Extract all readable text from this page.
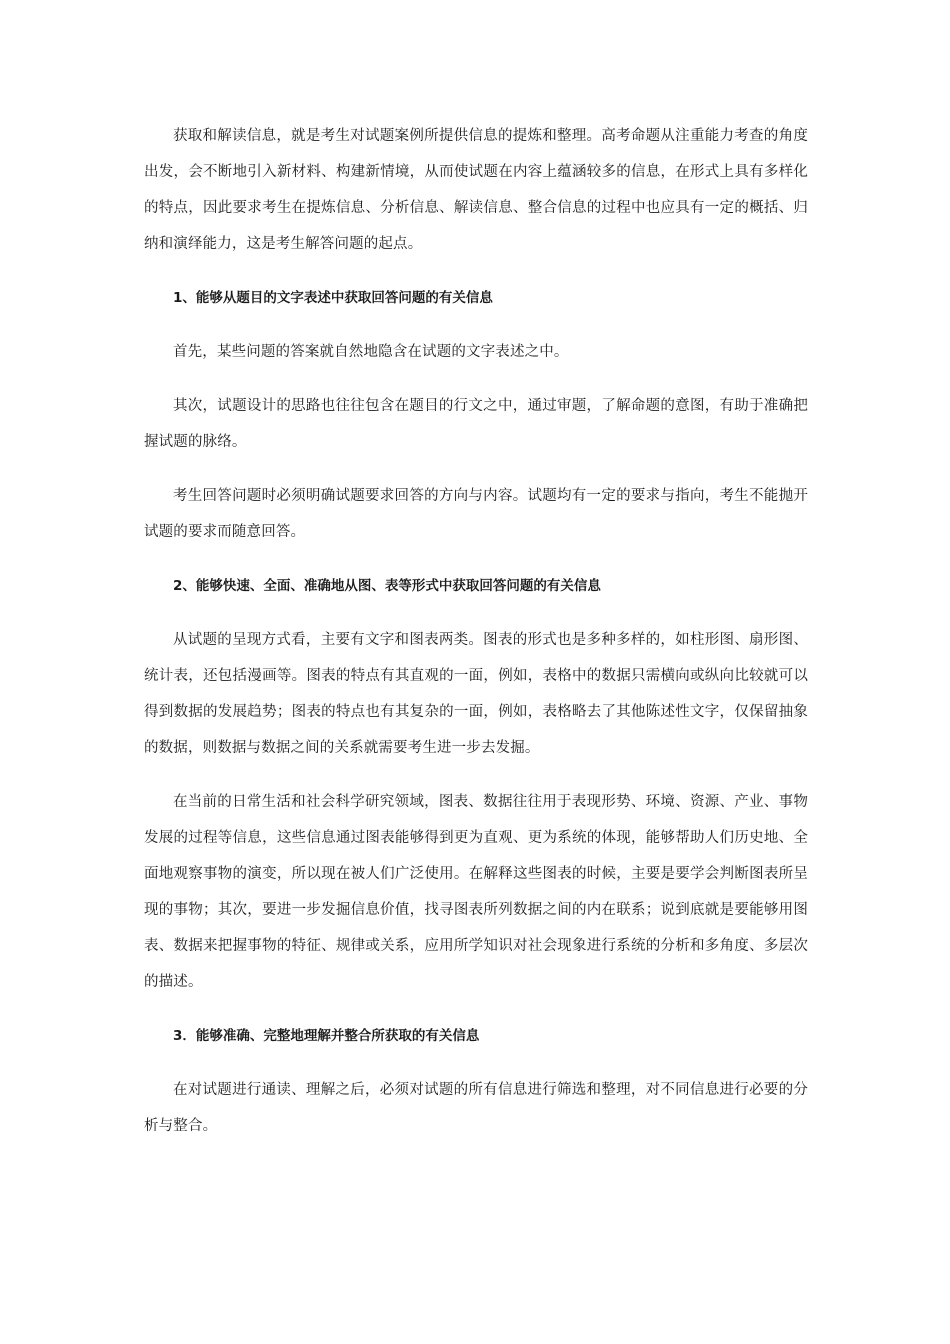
获取和解读信息，就是考生对试题案例所提供信息的提炼和整理。高考命题从注重能力考查的角度出发，会不断地引入新材料、构建新情境，从而使试题在内容上蕴涵较多的信息，在形式上具有多样化的特点，因此要求考生在提炼信息、分析信息、解读信息、整合信息的过程中也应具有一定的概括、归纳和演绎能力，这是考生解答问题的起点。

1、能够从题目的文字表述中获取回答问题的有关信息

首先，某些问题的答案就自然地隐含在试题的文字表述之中。

其次，试题设计的思路也往往包含在题目的行文之中，通过审题，了解命题的意图，有助于准确把握试题的脉络。

考生回答问题时必须明确试题要求回答的方向与内容。试题均有一定的要求与指向，考生不能抛开试题的要求而随意回答。

2、能够快速、全面、准确地从图、表等形式中获取回答问题的有关信息

从试题的呈现方式看，主要有文字和图表两类。图表的形式也是多种多样的，如柱形图、扇形图、统计表，还包括漫画等。图表的特点有其直观的一面，例如，表格中的数据只需横向或纵向比较就可以得到数据的发展趋势；图表的特点也有其复杂的一面，例如，表格略去了其他陈述性文字，仅保留抽象的数据，则数据与数据之间的关系就需要考生进一步去发掘。

在当前的日常生活和社会科学研究领域，图表、数据往往用于表现形势、环境、资源、产业、事物发展的过程等信息，这些信息通过图表能够得到更为直观、更为系统的体现，能够帮助人们历史地、全面地观察事物的演变，所以现在被人们广泛使用。在解释这些图表的时候，主要是要学会判断图表所呈现的事物；其次，要进一步发掘信息价值，找寻图表所列数据之间的内在联系；说到底就是要能够用图表、数据来把握事物的特征、规律或关系，应用所学知识对社会现象进行系统的分析和多角度、多层次的描述。

3．能够准确、完整地理解并整合所获取的有关信息

在对试题进行通读、理解之后，必须对试题的所有信息进行筛选和整理，对不同信息进行必要的分析与整合。
